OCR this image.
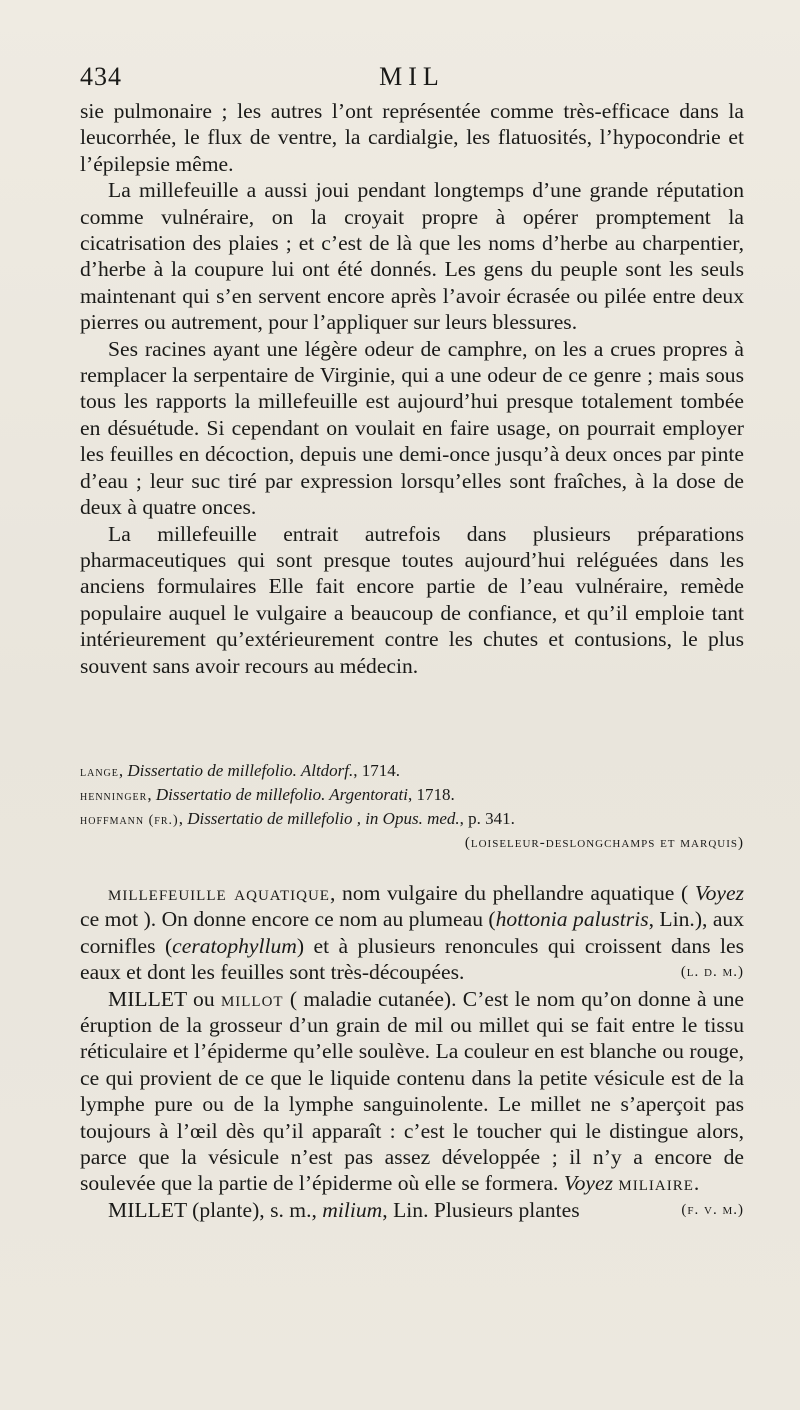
434	MIL

sie pulmonaire ; les autres l’ont représentée comme très-efficace dans la leucorrhée, le flux de ventre, la cardialgie, les flatuosités, l’hypocondrie et l’épilepsie même.

La millefeuille a aussi joui pendant longtemps d’une grande réputation comme vulnéraire, on la croyait propre à opérer promptement la cicatrisation des plaies ; et c’est de là que les noms d’herbe au charpentier, d’herbe à la coupure lui ont été donnés. Les gens du peuple sont les seuls maintenant qui s’en servent encore après l’avoir écrasée ou pilée entre deux pierres ou autrement, pour l’appliquer sur leurs blessures.

Ses racines ayant une légère odeur de camphre, on les a crues propres à remplacer la serpentaire de Virginie, qui a une odeur de ce genre ; mais sous tous les rapports la millefeuille est aujourd’hui presque totalement tombée en désuétude. Si cependant on voulait en faire usage, on pourrait employer les feuilles en décoction, depuis une demi-once jusqu’à deux onces par pinte d’eau ; leur suc tiré par expression lorsqu’elles sont fraîches, à la dose de deux à quatre onces.

La millefeuille entrait autrefois dans plusieurs préparations pharmaceutiques qui sont presque toutes aujourd’hui reléguées dans les anciens formulaires Elle fait encore partie de l’eau vulnéraire, remède populaire auquel le vulgaire a beaucoup de confiance, et qu’il emploie tant intérieurement qu’extérieurement contre les chutes et contusions, le plus souvent sans avoir recours au médecin.

lange, Dissertatio de millefolio. Altdorf., 1714.
henninger, Dissertatio de millefolio. Argentorati, 1718.
hoffmann (fr.), Dissertatio de millefolio , in Opus. med., p. 341.
(loiseleur-deslongchamps et marquis)

millefeuille aquatique, nom vulgaire du phellandre aquatique ( Voyez ce mot ). On donne encore ce nom au plumeau (hottonia palustris, Lin.), aux cornifles (ceratophyllum) et à plusieurs renoncules qui croissent dans les eaux et dont les feuilles sont très-découpées.	(l. d. m.)

MILLET ou millot ( maladie cutanée). C’est le nom qu’on donne à une éruption de la grosseur d’un grain de mil ou millet qui se fait entre le tissu réticulaire et l’épiderme qu’elle soulève. La couleur en est blanche ou rouge, ce qui provient de ce que le liquide contenu dans la petite vésicule est de la lymphe pure ou de la lymphe sanguinolente. Le millet ne s’aperçoit pas toujours à l’œil dès qu’il apparaît : c’est le toucher qui le distingue alors, parce que la vésicule n’est pas assez développée ; il n’y a encore de soulevée que la partie de l’épiderme où elle se formera. Voyez miliaire.
(f. v. m.)

MILLET (plante), s. m., milium, Lin. Plusieurs plantes
